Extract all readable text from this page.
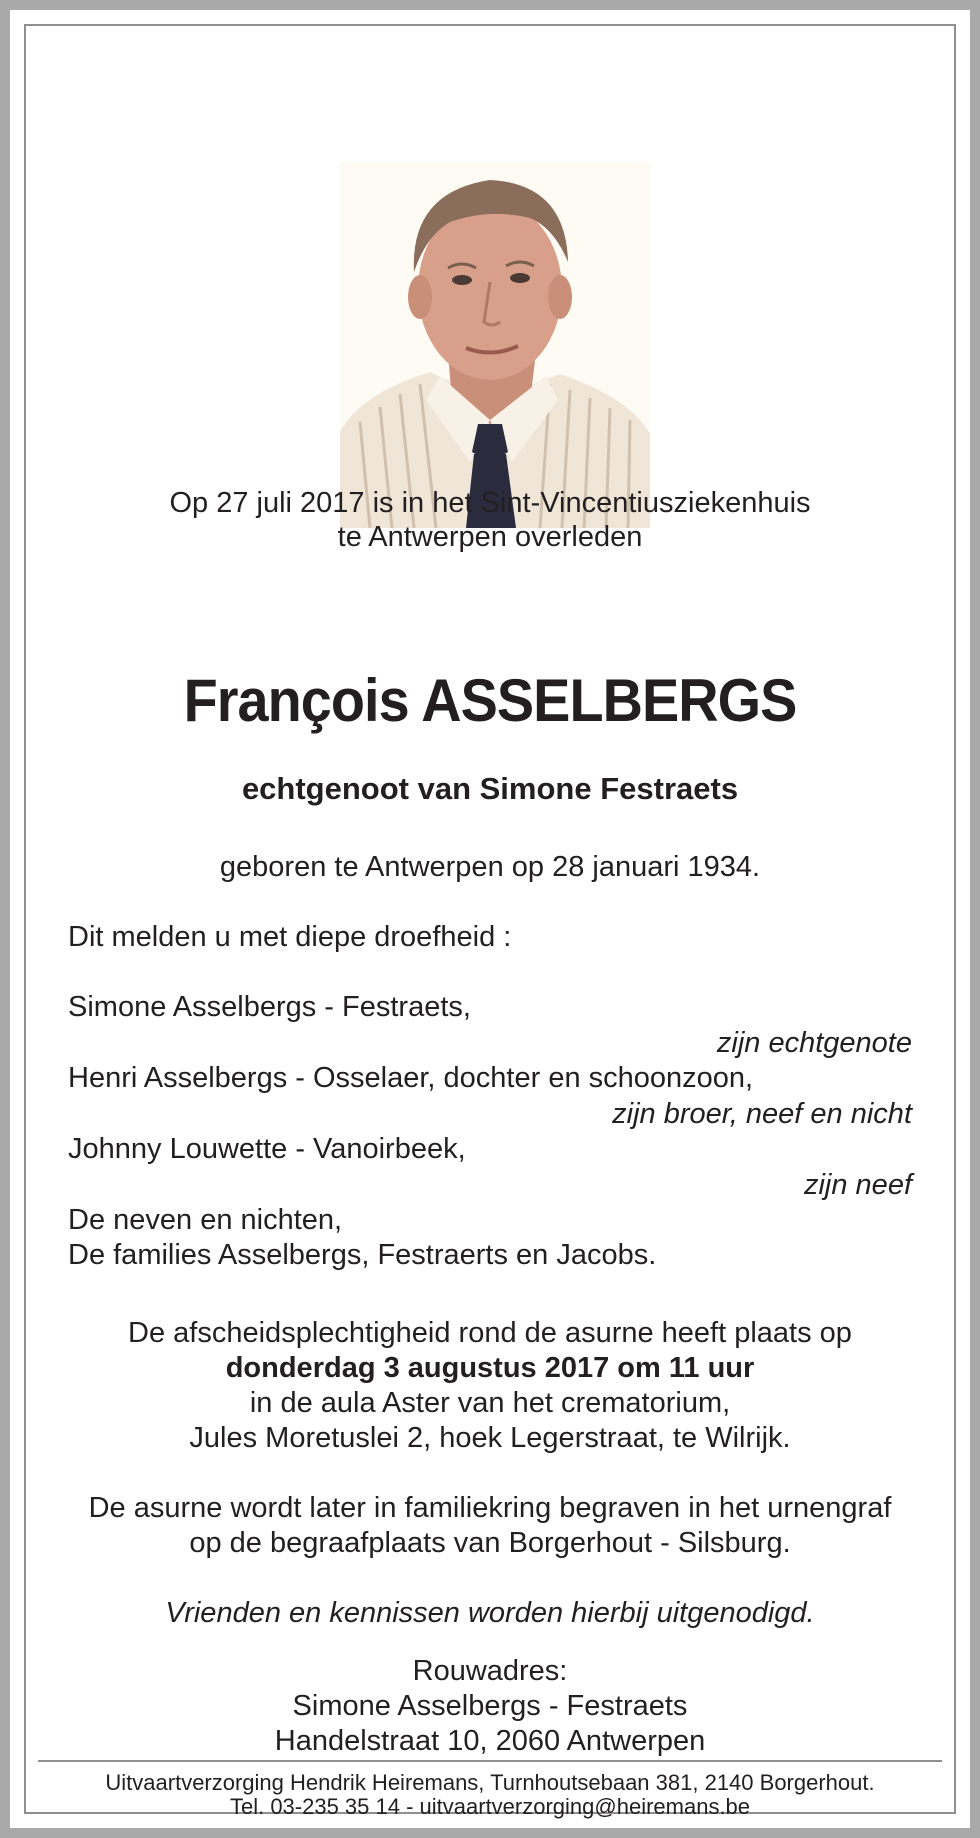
Op 27 juli 2017 is in het Sint-Vincentiusziekenhuis
te Antwerpen overleden
François ASSELBERGS
echtgenoot van Simone Festraets
geboren te Antwerpen op 28 januari 1934.
Dit melden u met diepe droefheid :
Simone Asselbergs - Festraets,
zijn echtgenote
Henri Asselbergs - Osselaer, dochter en schoonzoon,
zijn broer, neef en nicht
Johnny Louwette - Vanoirbeek,
zijn neef
De neven en nichten,
De families Asselbergs, Festraerts en Jacobs.
De afscheidsplechtigheid rond de asurne heeft plaats op
donderdag 3 augustus 2017 om 11 uur
in de aula Aster van het crematorium,
Jules Moretuslei 2, hoek Legerstraat, te Wilrijk.
De asurne wordt later in familiekring begraven in het urnengraf
op de begraafplaats van Borgerhout - Silsburg.
Vrienden en kennissen worden hierbij uitgenodigd.
Rouwadres:
Simone Asselbergs - Festraets
Handelstraat 10, 2060 Antwerpen
Uitvaartverzorging Hendrik Heiremans, Turnhoutsebaan 381, 2140 Borgerhout.
Tel. 03-235 35 14 - uitvaartverzorging@heiremans.be
